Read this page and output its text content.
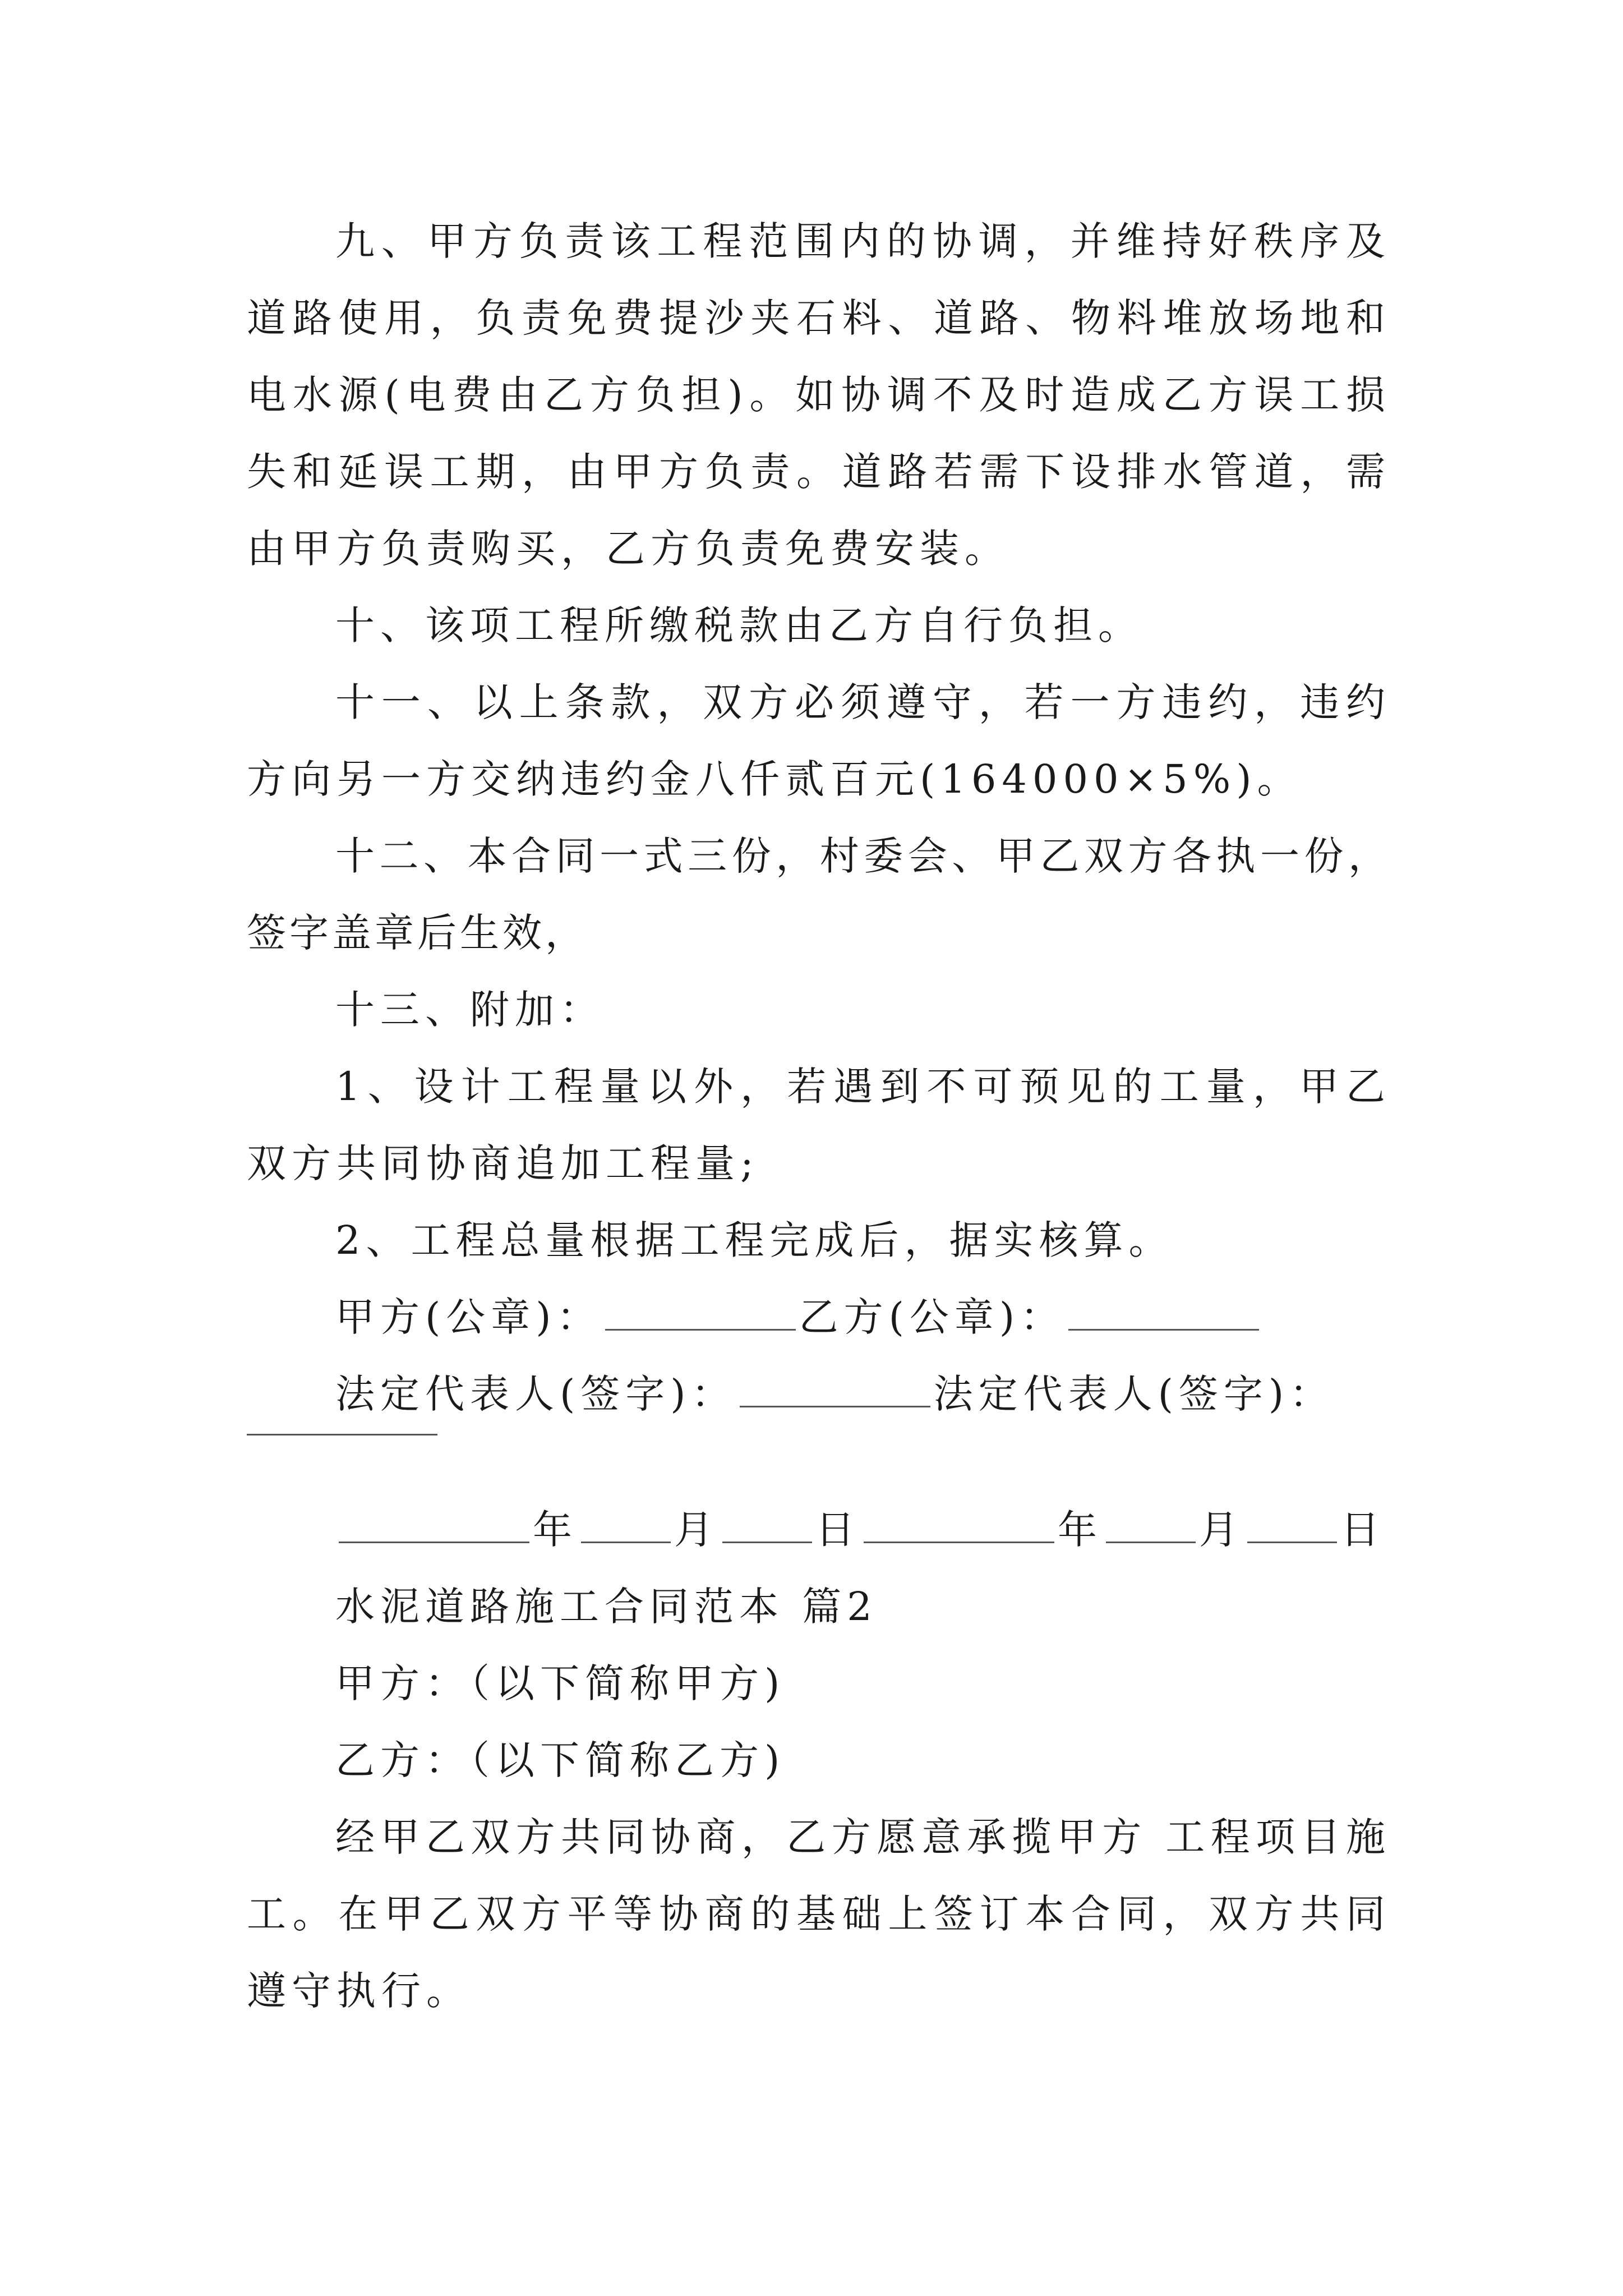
九、甲方负责该工程范围内的协调，并维持好秩序及道路使用，负责免费提沙夹石料、道路、物料堆放场地和电水源(电费由乙方负担)。如协调不及时造成乙方误工损失和延误工期，由甲方负责。道路若需下设排水管道，需由甲方负责购买，乙方负责免费安装。

十、该项工程所缴税款由乙方自行负担。

十一、以上条款，双方必须遵守，若一方违约，违约方向另一方交纳违约金八仟贰百元(164000×5%)。

十二、本合同一式三份，村委会、甲乙双方各执一份，签字盖章后生效，

十三、附加：

1、设计工程量以外，若遇到不可预见的工量，甲乙双方共同协商追加工程量;

2、工程总量根据工程完成后，据实核算。

甲方(公章)：	乙方(公章)：
法定代表人(签字)：	法定代表人(签字)：
年 月 日	年 月 日
水泥道路施工合同范本 篇2
甲方：（以下简称甲方)
乙方：（以下简称乙方)

经甲乙双方共同协商，乙方愿意承揽甲方 工程项目施工。在甲乙双方平等协商的基础上签订本合同，双方共同遵守执行。
